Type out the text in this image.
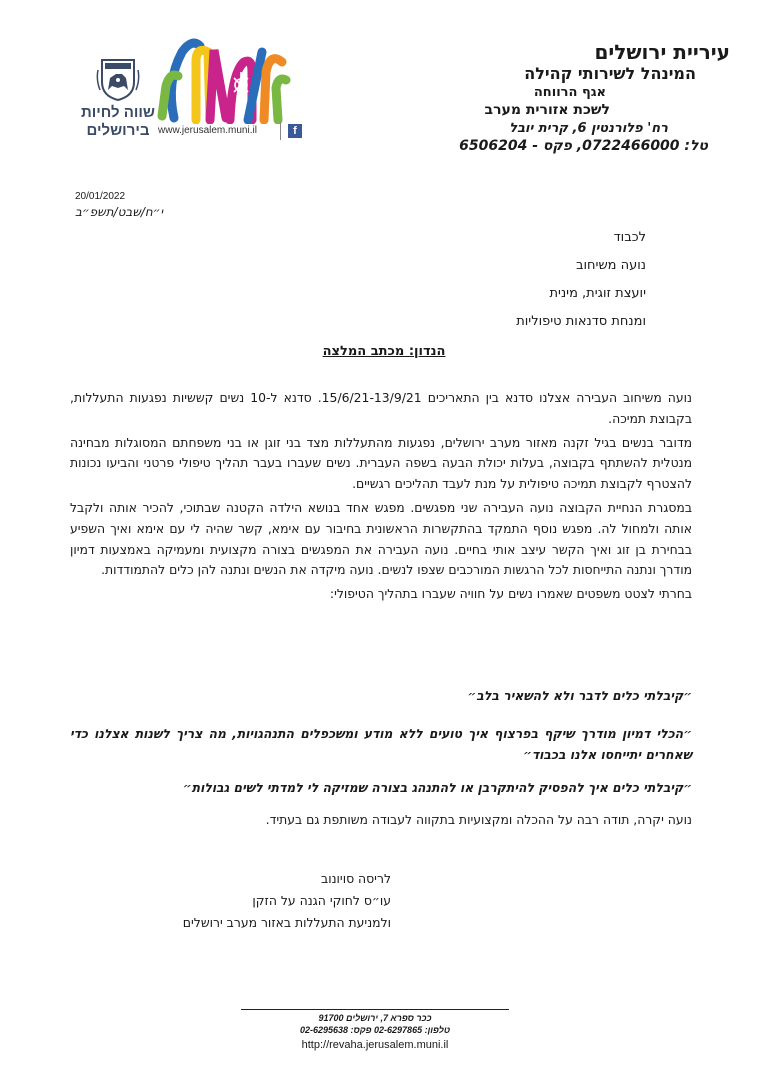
עיריית ירושלים
המינהל לשירותי קהילה
אגף הרווחה
לשכת אזורית מערב
רח' פלורנטין 6, קרית יובל
טל: 0722466000, פקס - 6506204
שווה לחיות
בירושלים www.jerusalem.muni.il	f
20/01/2022
י״ח/שבט/תשפ״ב
לכבוד
נועה משיחוב
יועצת זוגית, מינית
ומנחת סדנאות טיפוליות
הנדון: מכתב המלצה

נועה משיחוב העבירה אצלנו סדנא בין התאריכים 15/6/21-13/9/21. סדנא ל-10 נשים קששיות נפגעות התעללות, בקבוצת תמיכה.

מדובר בנשים בגיל זקנה מאזור מערב ירושלים, נפגעות מהתעללות מצד בני זוגן או בני משפחתם המסוגלות מבחינה מנטלית להשתתף בקבוצה, בעלות יכולת הבעה בשפה העברית. נשים שעברו בעבר תהליך טיפולי פרטני והביעו נכונות להצטרף לקבוצת תמיכה טיפולית על מנת לעבד תהליכים רגשיים.

במסגרת הנחיית הקבוצה נועה העבירה שני מפגשים. מפגש אחד בנושא הילדה הקטנה שבתוכי, להכיר אותה ולקבל אותה ולמחול לה. מפגש נוסף התמקד בהתקשרות הראשונית בחיבור עם אימא, קשר שהיה לי עם אימא ואיך השפיע בבחירת בן זוג ואיך הקשר עיצב אותי בחיים. נועה העבירה את המפגשים בצורה מקצועית ומעמיקה באמצעות דמיון מודרך ונתנה התייחסות לכל הרגשות המורכבים שצפו לנשים. נועה מיקדה את הנשים ונתנה להן כלים להתמודדות.

בחרתי לצטט משפטים שאמרו נשים על חוויה שעברו בתהליך הטיפולי:

״קיבלתי כלים לדבר ולא להשאיר בלב״
״הכלי דמיון מודרך שיקף בפרצוף איך טועים ללא מודע ומשכפלים התנהגויות, מה צריך לשנות אצלנו כדי שאחרים יתייחסו אלנו בכבוד״
״קיבלתי כלים איך להפסיק להיתקרבן או להתנהג בצורה שמזיקה לי למדתי לשים גבולות״
נועה יקרה, תודה רבה על ההכלה ומקצועיות בתקווה לעבודה משותפת גם בעתיד.
לריסה סויונוב
עו״ס לחוקי הגנה על הזקן
ולמניעת התעללות באזור מערב ירושלים
ככר ספרא 7, ירושלים 91700
טלפון: 02-6297865 פקס: 02-6295638
http://revaha.jerusalem.muni.il
